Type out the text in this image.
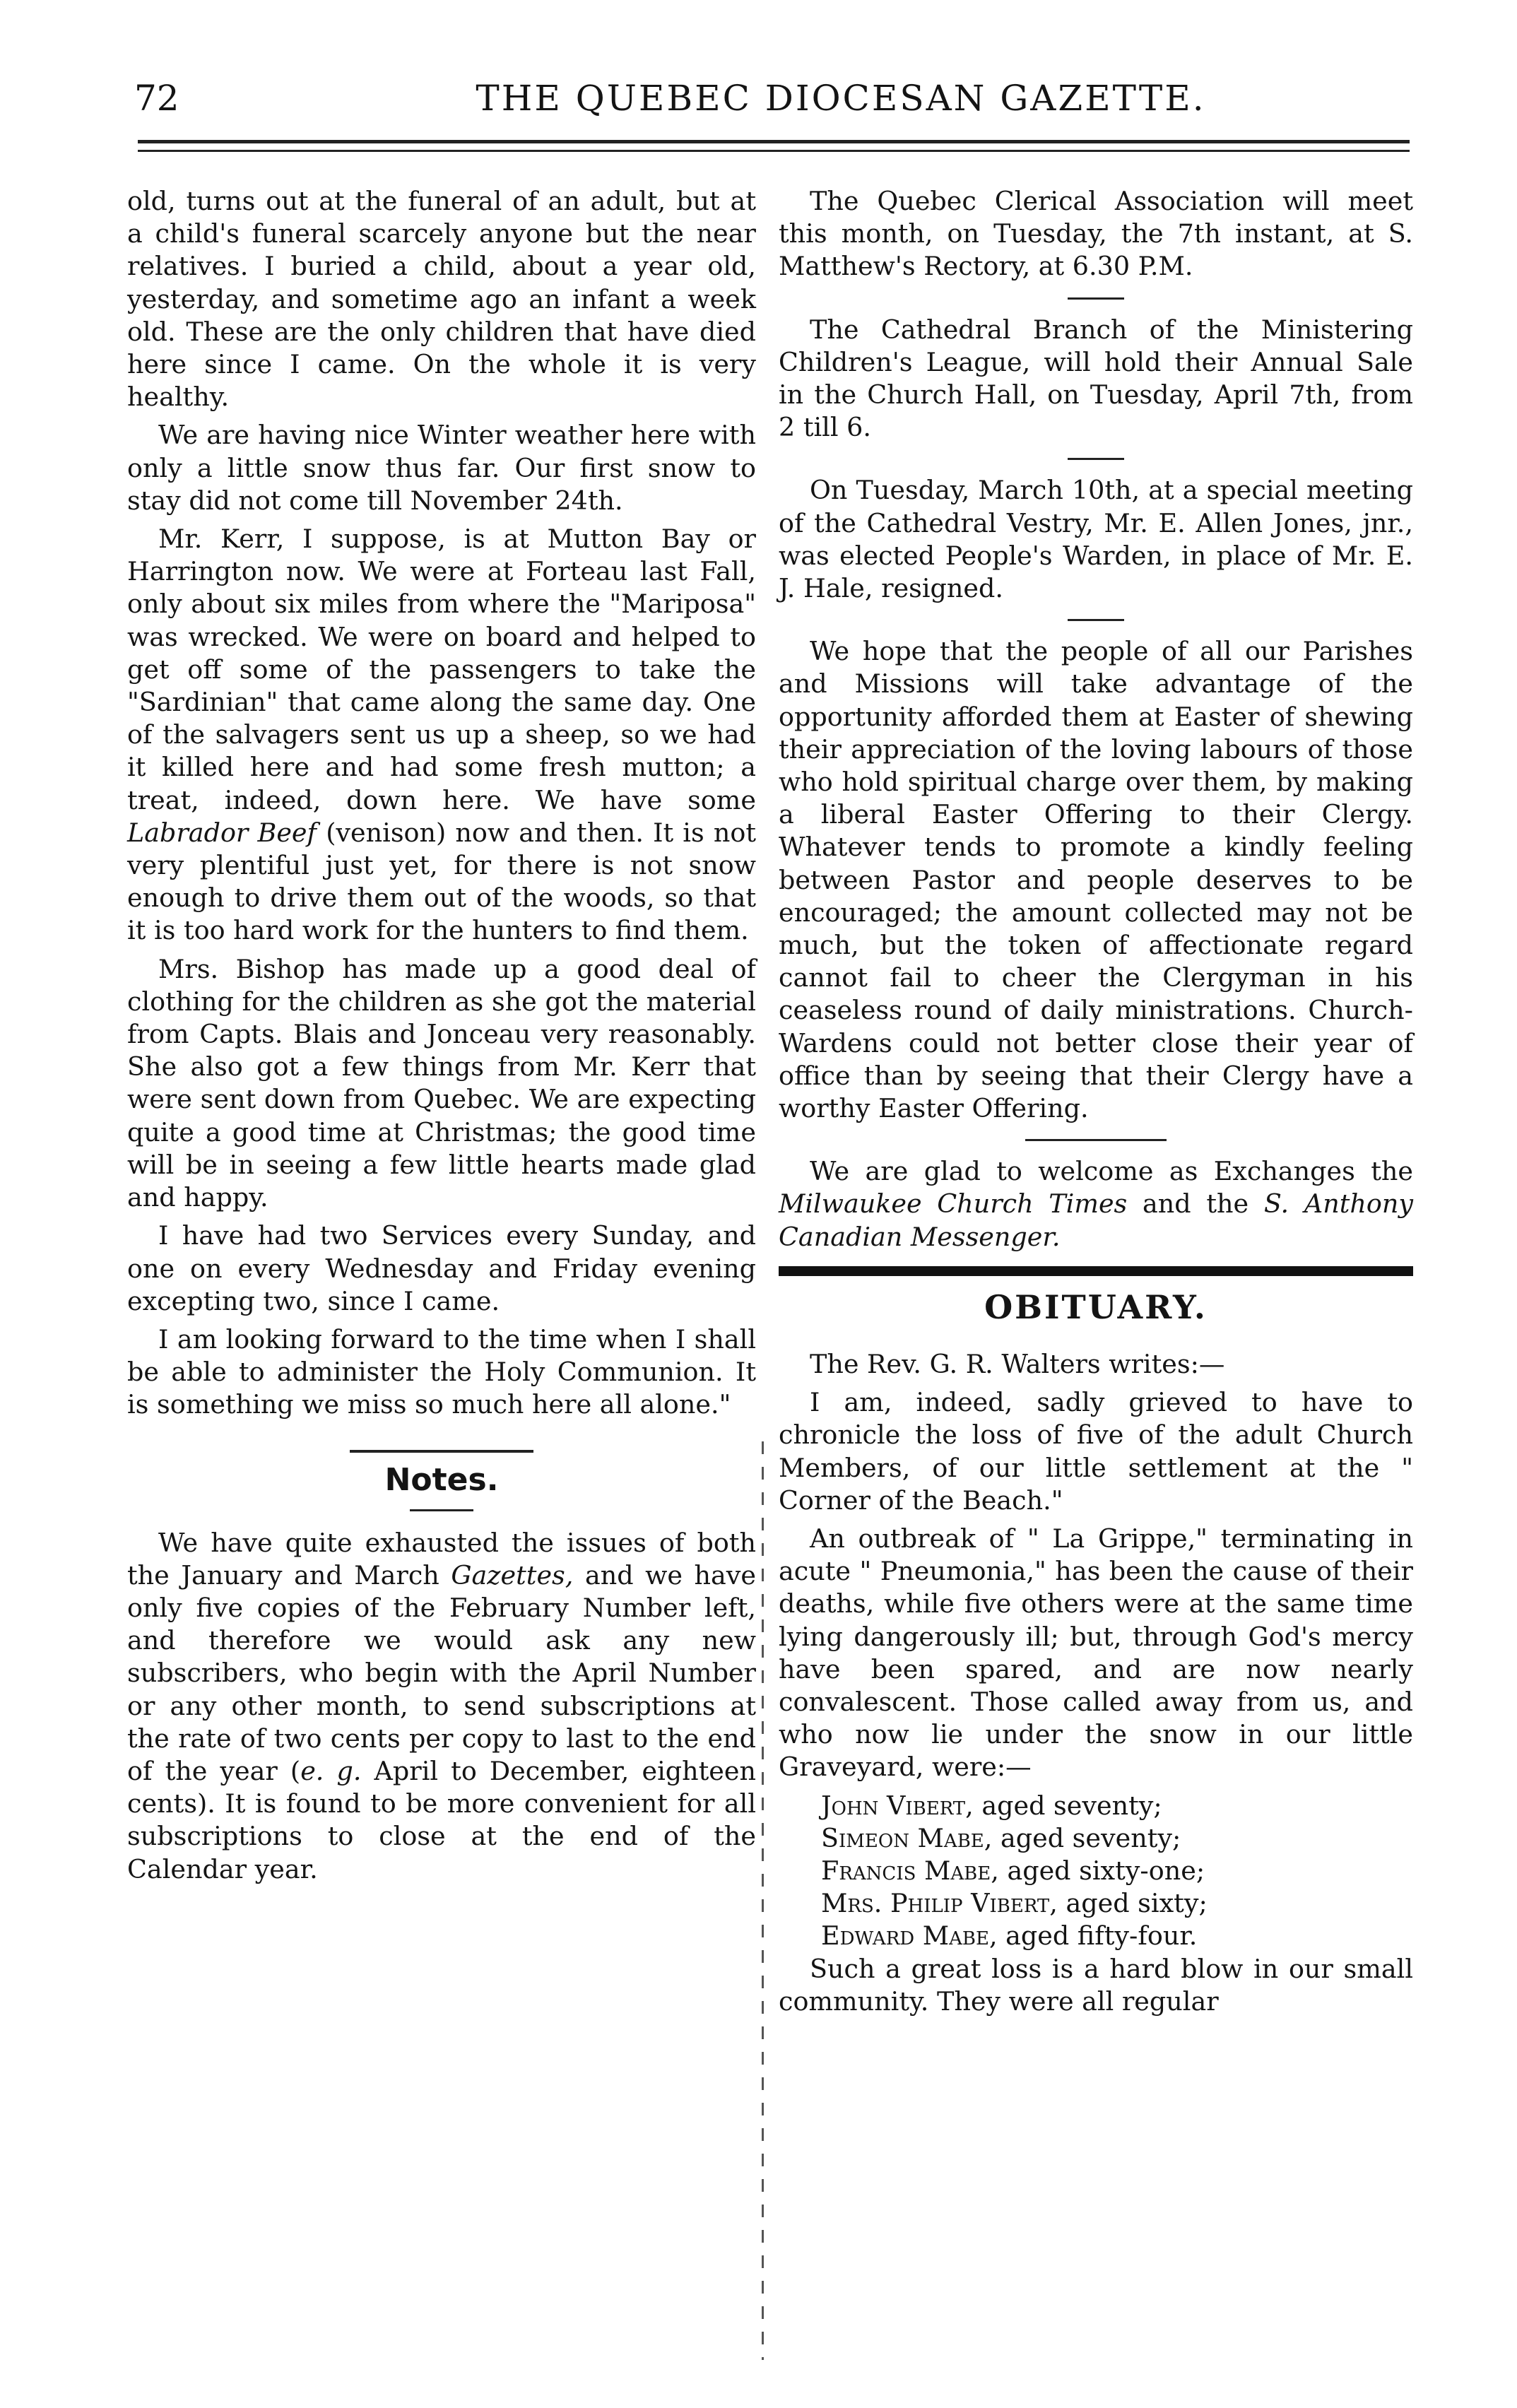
72	THE QUEBEC DIOCESAN GAZETTE.

old, turns out at the funeral of an adult, but at a child's funeral scarcely anyone but the near relatives. I buried a child, about a year old, yesterday, and sometime ago an infant a week old. These are the only children that have died here since I came. On the whole it is very healthy.

We are having nice Winter weather here with only a little snow thus far. Our first snow to stay did not come till November 24th.

Mr. Kerr, I suppose, is at Mutton Bay or Harrington now. We were at Forteau last Fall, only about six miles from where the "Mariposa" was wrecked. We were on board and helped to get off some of the passengers to take the "Sardinian" that came along the same day. One of the salvagers sent us up a sheep, so we had it killed here and had some fresh mutton; a treat, indeed, down here. We have some Labrador Beef (venison) now and then. It is not very plentiful just yet, for there is not snow enough to drive them out of the woods, so that it is too hard work for the hunters to find them.

Mrs. Bishop has made up a good deal of clothing for the children as she got the material from Capts. Blais and Jonceau very reasonably. She also got a few things from Mr. Kerr that were sent down from Quebec. We are expecting quite a good time at Christmas; the good time will be in seeing a few little hearts made glad and happy.

I have had two Services every Sunday, and one on every Wednesday and Friday evening excepting two, since I came.

I am looking forward to the time when I shall be able to administer the Holy Communion. It is something we miss so much here all alone."

Notes.

We have quite exhausted the issues of both the January and March Gazettes, and we have only five copies of the February Number left, and therefore we would ask any new subscribers, who begin with the April Number or any other month, to send subscriptions at the rate of two cents per copy to last to the end of the year (e. g. April to December, eighteen cents). It is found to be more convenient for all subscriptions to close at the end of the Calendar year.

The Quebec Clerical Association will meet this month, on Tuesday, the 7th instant, at S. Matthew's Rectory, at 6.30 P.M.

The Cathedral Branch of the Ministering Children's League, will hold their Annual Sale in the Church Hall, on Tuesday, April 7th, from 2 till 6.

On Tuesday, March 10th, at a special meeting of the Cathedral Vestry, Mr. E. Allen Jones, jnr., was elected People's Warden, in place of Mr. E. J. Hale, resigned.

We hope that the people of all our Parishes and Missions will take advantage of the opportunity afforded them at Easter of shewing their appreciation of the loving labours of those who hold spiritual charge over them, by making a liberal Easter Offering to their Clergy. Whatever tends to promote a kindly feeling between Pastor and people deserves to be encouraged; the amount collected may not be much, but the token of affectionate regard cannot fail to cheer the Clergyman in his ceaseless round of daily ministrations. Church-Wardens could not better close their year of office than by seeing that their Clergy have a worthy Easter Offering.

We are glad to welcome as Exchanges the Milwaukee Church Times and the S. Anthony Canadian Messenger.

OBITUARY.

The Rev. G. R. Walters writes:—

I am, indeed, sadly grieved to have to chronicle the loss of five of the adult Church Members, of our little settlement at the " Corner of the Beach."

An outbreak of " La Grippe," terminating in acute " Pneumonia," has been the cause of their deaths, while five others were at the same time lying dangerously ill; but, through God's mercy have been spared, and are now nearly convalescent. Those called away from us, and who now lie under the snow in our little Graveyard, were:—

John Vibert, aged seventy;

Simeon Mabe, aged seventy;

Francis Mabe, aged sixty-one;

Mrs. Philip Vibert, aged sixty;

Edward Mabe, aged fifty-four.

Such a great loss is a hard blow in our small community. They were all regular
